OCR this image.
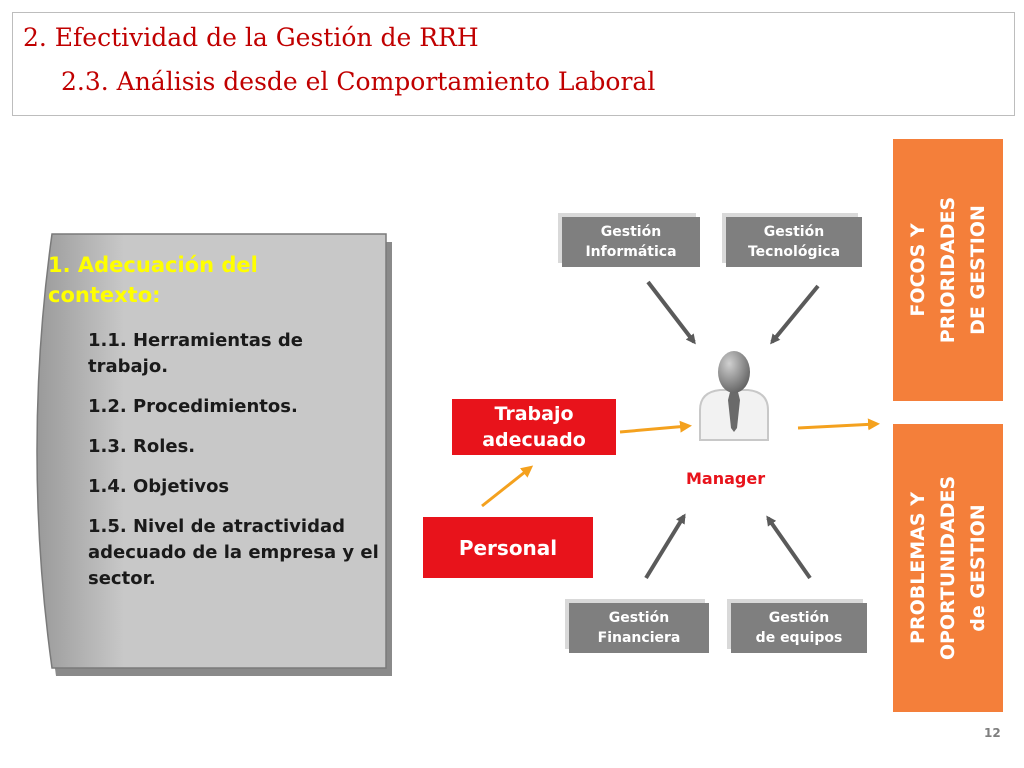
2. Efectividad de la Gestión de RRH
2.3. Análisis desde el Comportamiento Laboral
1. Adecuación del contexto:
1.1. Herramientas de trabajo.
1.2. Procedimientos.
1.3. Roles.
1.4. Objetivos
1.5. Nivel de atractividad adecuado de la empresa y el sector.
Gestión
Informática
Gestión
Tecnológica
Gestión
Financiera
Gestión
de equipos
Trabajo
adecuado
Personal
Manager
FOCOS Y PRIORIDADES DE GESTION
PROBLEMAS Y OPORTUNIDADES de GESTION
12
